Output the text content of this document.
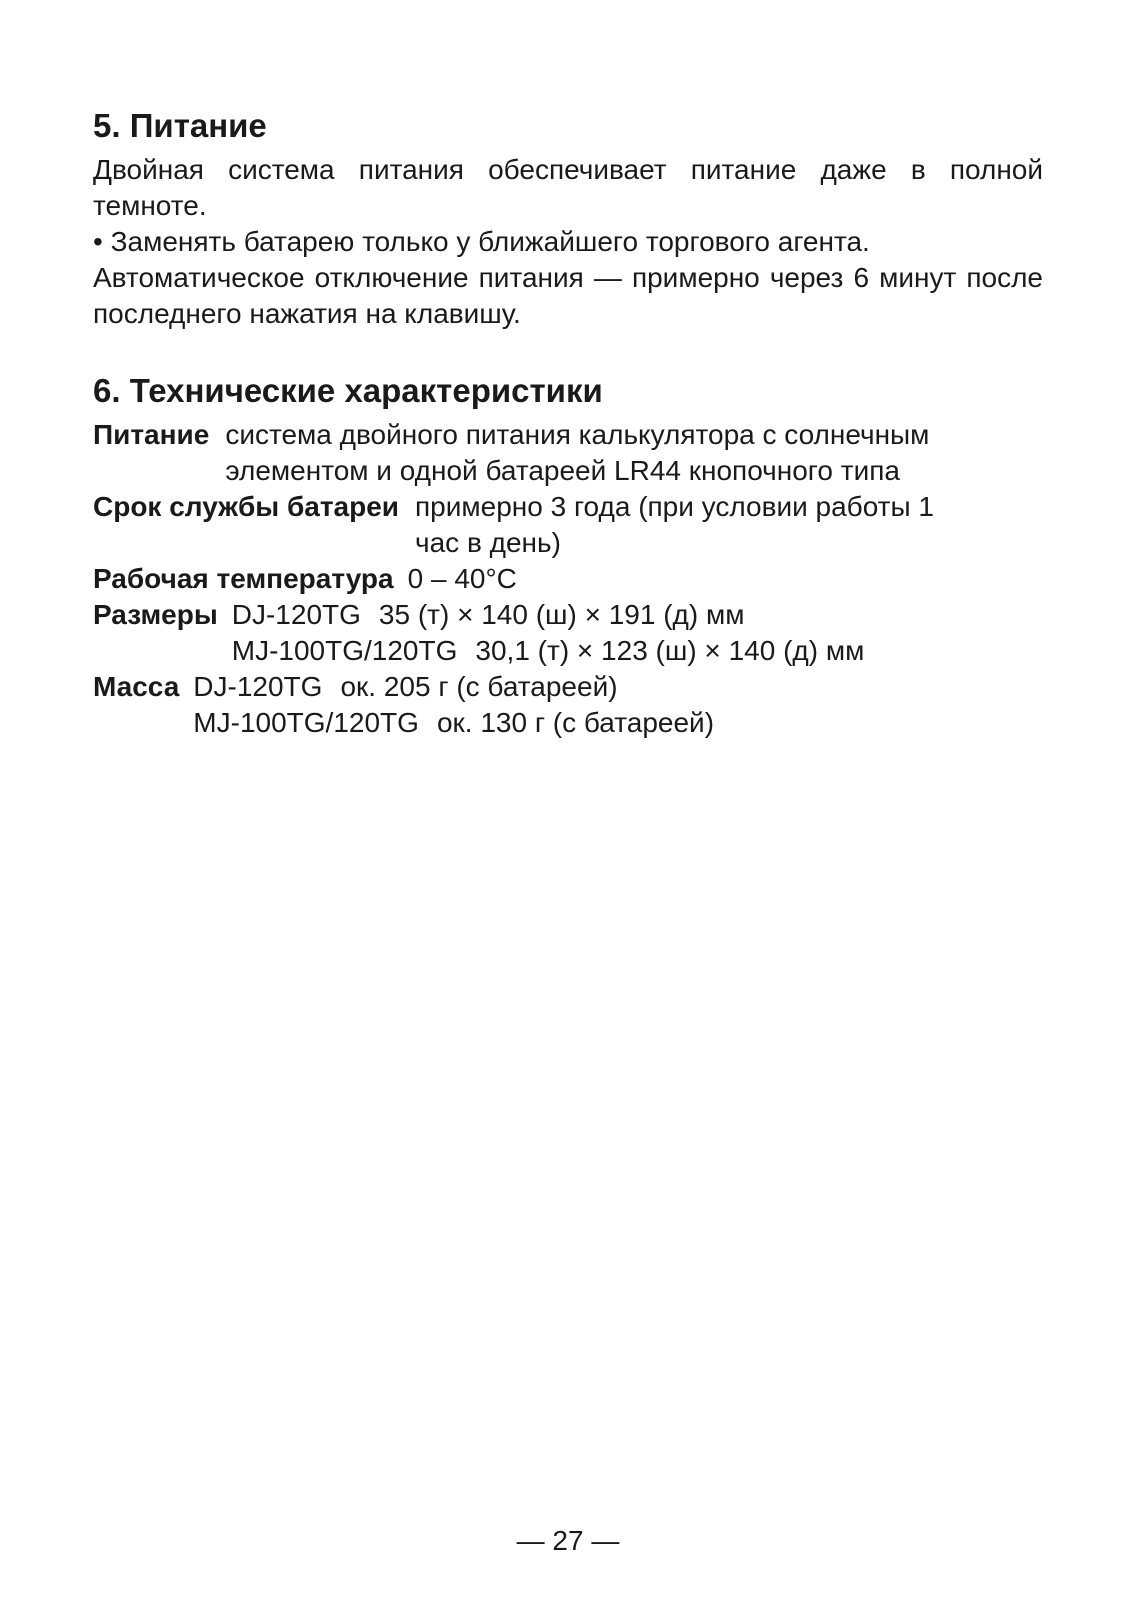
5. Питание

Двойная система питания обеспечивает питание даже в полной темноте.

• Заменять батарею только у ближайшего торгового агента.

Автоматическое отключение питания — примерно через 6 минут после последнего нажатия на клавишу.

6. Технические характеристики
Питание система двойного питания калькулятора с солнечным
элементом и одной батареей LR44 кнопочного типа
Срок службы батареи примерно 3 года (при условии работы 1
час в день)
Рабочая температура 0 – 40°C
Размеры DJ-120TG 35 (т) × 140 (ш) × 191 (д) мм
MJ-100TG/120TG 30,1 (т) × 123 (ш) × 140 (д) мм
Масса DJ-120TG ок. 205 г (с батареей)
MJ-100TG/120TG ок. 130 г (с батареей)
— 27 —
